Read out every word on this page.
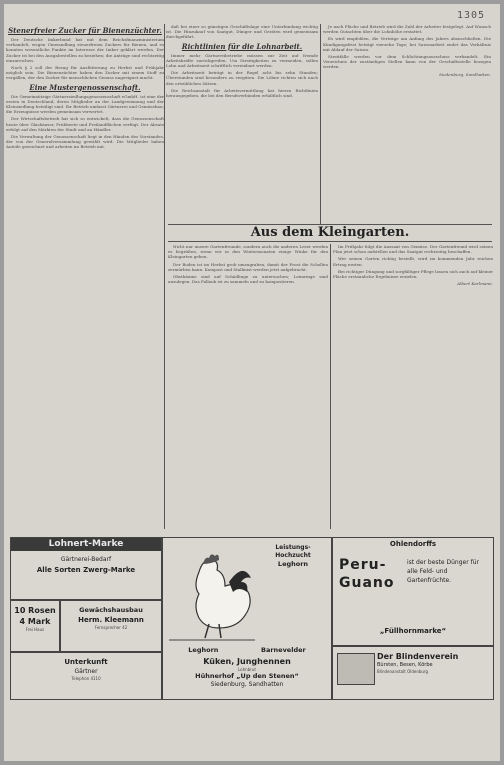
1305
Stenerfreier Zucker für Bienenzüchter.

Der Deutsche Imkerbund hat mit dem Reichsfinanzministerium verhandelt, wegen Umwandlung steuerfreien Zuckers für Bienen, und es konnten wesentliche Punkte im Interesse der Imker geklärt werden. Der Zucker ist bei den Ausgabestellen zu beziehen; die Anträge sind rechtzeitig einzureichen.

Nach § 2 soll der Bezug für Ausfütterung zu Herbst und Frühjahr möglich sein. Die Bienenzüchter haben den Zucker mit einem Stoff zu vergällen, der den Zucker für menschlichen Genuss ungeeignet macht.

Eine Mustergenossenschaft.

Die Gemeinnützige Gärtnersiedlungsgenossenschaft eGmbH. ist eine der ersten in Deutschland, deren Mitglieder an der Landgewinnung und der Kleinsiedlung beteiligt sind. Ihr Betrieb umfasst Gärtnerei und Gemüsebau; die Erzeugnisse werden gemeinsam verwertet.

Der Wirtschaftsbetrieb hat sich so entwickelt, dass die Genossenschaft heute über Glashäuser, Frühbeete und Freilandflächen verfügt. Der Absatz erfolgt auf den Märkten der Stadt und an Händler.

Die Verwaltung der Genossenschaft liegt in den Händen des Vorstandes, der von der Generalversammlung gewählt wird. Die Mitglieder haben Anteile gezeichnet und arbeiten im Betrieb mit.

daß bei einer so günstigen Geschäftslage eine Unterbindung wichtig ist. Die Hinzukauf von Saatgut, Dünger und Geräten wird gemeinsam durchgeführt.

Richtlinien für die Lohnarbeit.

Immer mehr Gärtnereibetriebe müssen zur Zeit auf fremde Arbeitskräfte zurückgreifen. Um Streitigkeiten zu vermeiden, sollen Lohn und Arbeitszeit schriftlich vereinbart werden.

Die Arbeitszeit beträgt in der Regel acht bis zehn Stunden; Überstunden sind besonders zu vergüten. Die Löhne richten sich nach den ortsüblichen Sätzen.

Die Reichsanstalt für Arbeitsvermittlung hat hierzu Richtlinien herausgegeben, die bei den Berufsverbänden erhältlich sind.

Je nach Fläche und Betrieb wird die Zahl der Arbeiter festgelegt. Auf Wunsch werden Gutachten über die Lohnhöhe erstattet.

Es wird empfohlen, die Verträge am Anfang des Jahres abzuschließen. Die Kündigungsfrist beträgt vierzehn Tage; bei Saisonarbeit endet das Verhältnis mit Ablauf der Saison.

Streitfälle werden vor dem Schlichtungsausschuss verhandelt. Ein Verzeichnis der zuständigen Stellen kann von der Geschäftsstelle bezogen werden.

Siedenburg, Sandhatten.

Aus dem Kleingarten.

Nicht nur unsere Gartenfreunde, sondern auch die anderen Leser werden es begrüßen, wenn wir in den Wintermonaten einige Winke für den Kleingarten geben.

Der Boden ist im Herbst grob umzugraben, damit der Frost die Schollen zermürben kann. Kompost und Stallmist werden jetzt aufgebracht.

Obstbäume sind auf Schädlinge zu untersuchen; Leimringe sind anzulegen. Das Fallaub ist zu sammeln und zu kompostieren.

Im Frühjahr folgt die Aussaat von Gemüse. Der Gartenfreund wird seinen Plan jetzt schon aufstellen und das Saatgut rechtzeitig beschaffen.

Wer seinen Garten richtig bestellt, wird im kommenden Jahr reichen Ertrag ernten.

Bei richtiger Düngung und sorgfältiger Pflege lassen sich auch auf kleiner Fläche erstaunliche Ergebnisse erzielen.

Albert Karlmann.

Lohnert-Marke
Gärtnerei-Bedarf
Alle Sorten Zwerg-Marke
10 Rosen
4 Mark
Frei Haus
Gewächshausbau
Herm. Kleemann
Fernsprecher 42
Unterkunft
Gärtner
Telephon 4110
Leistungs-Hochzucht
Leghorn
Leghorn	Barnevelder
Küken, Junghennen
Lohnbrut
Hühnerhof „Up den Stenen“
Siedenburg, Sandhatten
Ohlendorffs
Peru-
Guano
ist der beste Dünger für alle Feld- und Gartenfrüchte.
„Füllhornmarke“
Der Blindenverein
Bürsten, Besen, Körbe
Blindenanstalt Oldenburg
